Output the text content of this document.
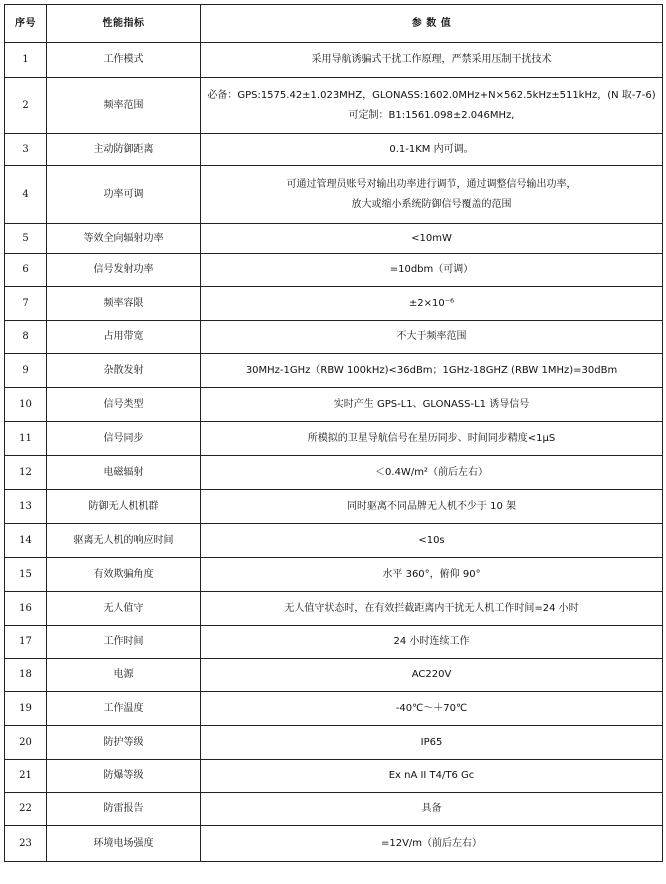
序号	性能指标	参 数 值
1	工作模式	采用导航诱骗式干扰工作原理，严禁采用压制干扰技术

2	频率范围	必备：GPS:1575.42±1.023MHZ，GLONASS:1602.0MHz+N×562.5kHz±511kHz，(N 取-7-6)
可定制：B1:1561.098±2.046MHz,

3	主动防御距离	0.1-1KM 内可调。

4	功率可调	可通过管理员账号对输出功率进行调节，通过调整信号输出功率，
放大或缩小系统防御信号覆盖的范围

5	等效全向辐射功率	<10mW

6	信号发射功率	=10dbm（可调）

7	频率容限	±2×10⁻⁶

8	占用带宽	不大于频率范围

9	杂散发射	30MHz-1GHz（RBW 100kHz)<36dBm；1GHz-18GHZ (RBW 1MHz)=30dBm

10	信号类型	实时产生 GPS-L1、GLONASS-L1 诱导信号

11	信号同步	所模拟的卫星导航信号在星历同步、时间同步精度<1μS

12	电磁辐射	＜0.4W/m²（前后左右）

13	防御无人机机群	同时驱离不同品牌无人机不少于 10 架

14	驱离无人机的响应时间	<10s

15	有效欺骗角度	水平 360°，俯仰 90°

16	无人值守	无人值守状态时，在有效拦截距离内干扰无人机工作时间=24 小时

17	工作时间	24 小时连续工作

18	电源	AC220V

19	工作温度	-40℃～＋70℃

20	防护等级	IP65

21	防爆等级	Ex nA II T4/T6 Gc

22	防雷报告	具备

23	环境电场强度	=12V/m（前后左右）
